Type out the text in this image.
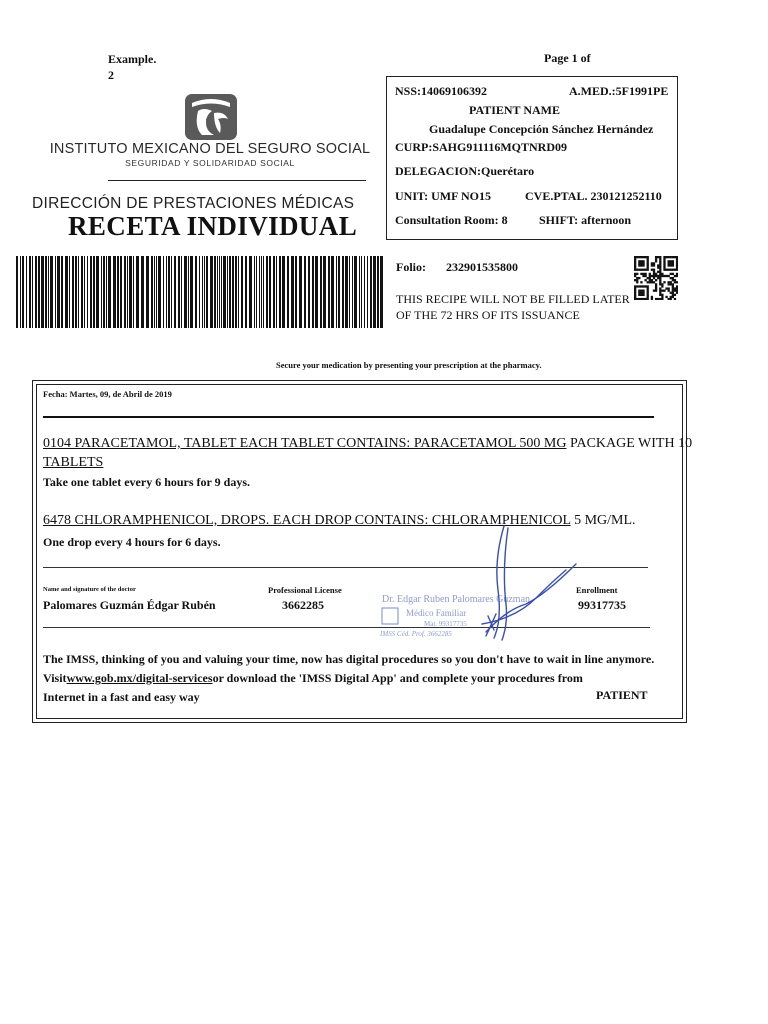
Example.
2
Page 1 of
INSTITUTO MEXICANO DEL SEGURO SOCIAL
SEGURIDAD Y SOLIDARIDAD SOCIAL
DIRECCIÓN DE PRESTACIONES MÉDICAS
RECETA INDIVIDUAL
NSS:14069106392	A.MED.:5F1991PE
PATIENT NAME
Guadalupe Concepción Sánchez Hernández
CURP:SAHG911116MQTNRD09
DELEGACION:Querétaro
UNIT: UMF NO15	CVE.PTAL. 230121252110
Consultation Room: 8	SHIFT: afternoon
Folio: 232901535800
THIS RECIPE WILL NOT BE FILLED LATER
OF THE 72 HRS OF ITS ISSUANCE
Secure your medication by presenting your prescription at the pharmacy.
Fecha: Martes, 09, de Abril de 2019
0104 PARACETAMOL, TABLET EACH TABLET CONTAINS: PARACETAMOL 500 MG PACKAGE WITH 10
TABLETS
Take one tablet every 6 hours for 9 days.
6478 CHLORAMPHENICOL, DROPS. EACH DROP CONTAINS: CHLORAMPHENICOL 5 MG/ML.
One drop every 4 hours for 6 days.
Name and signature of the doctor	Professional License	Enrollment
Palomares Guzmán Édgar Rubén	3662285	99317735
Dr. Edgar Ruben Palomares Guzman
Médico Familiar
Mat. 99317735
IMSS Céd. Prof. 3662285
The IMSS, thinking of you and valuing your time, now has digital procedures so you don't have to wait in line anymore.
Visitwww.gob.mx/digital-servicesor download the 'IMSS Digital App' and complete your procedures from
Internet in a fast and easy way	PATIENT
